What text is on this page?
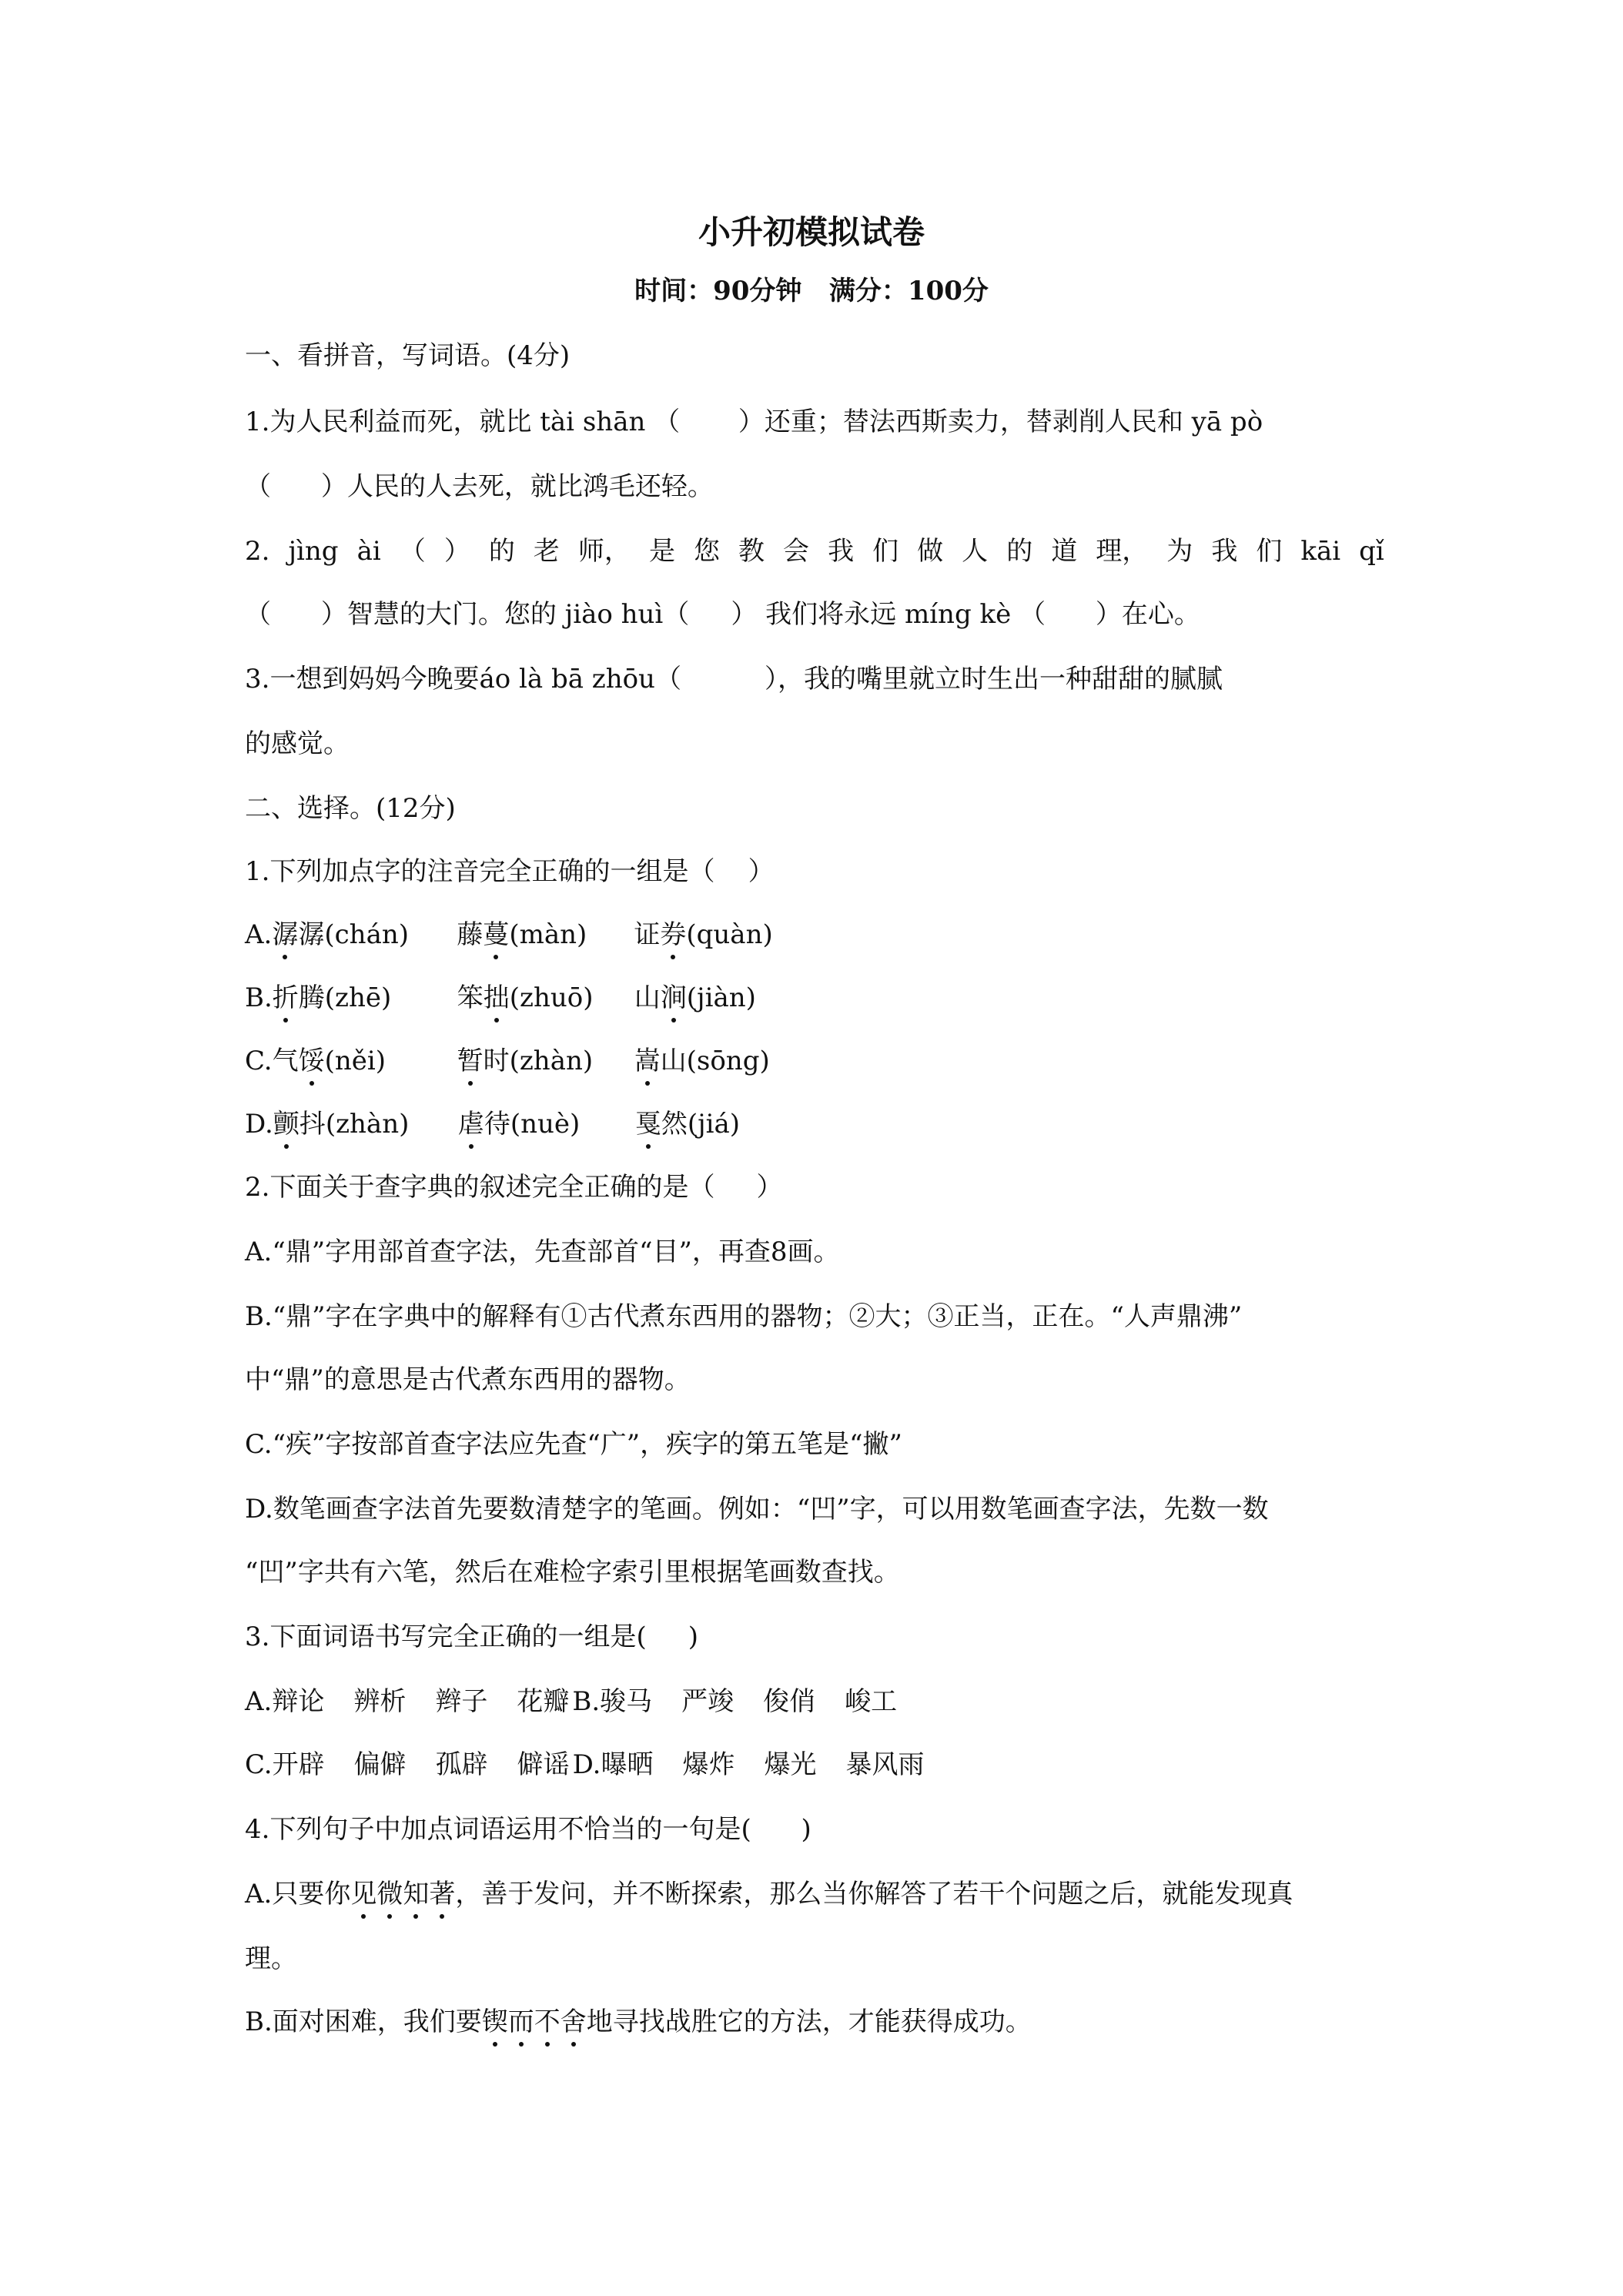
小升初模拟试卷
时间：90分钟   满分：100分
一、看拼音，写词语。(4分)
1.为人民利益而死，就比 tài shān （       ）还重；替法西斯卖力，替剥削人民和 yā pò
（      ）人民的人去死，就比鸿毛还轻。
2. jìng ài （ ） 的 老 师， 是 您 教 会 我 们 做 人 的 道 理， 为 我 们 kāi qǐ
（      ）智慧的大门。您的 jiào huì（     ） 我们将永远 míng kè （      ）在心。
3.一想到妈妈今晚要áo là bā zhōu（          ），我的嘴里就立时生出一种甜甜的腻腻
的感觉。
二、选择。(12分)
1.下列加点字的注音完全正确的一组是（    ）
A.潺潺(chán) 藤蔓(màn) 证券(quàn)
B.折腾(zhē)	笨拙(zhuō) 山涧(jiàn)
C.气馁(něi)	暂时(zhàn) 嵩山(sōng)
D.颤抖(zhàn) 虐待(nuè) 戛然(jiá)
2.下面关于查字典的叙述完全正确的是（     ）
A.“鼎”字用部首查字法，先查部首“目”，再查8画。
B.“鼎”字在字典中的解释有①古代煮东西用的器物；②大；③正当，正在。“人声鼎沸”
中“鼎”的意思是古代煮东西用的器物。
C.“疾”字按部首查字法应先查“广”，疾字的第五笔是“撇”
D.数笔画查字法首先要数清楚字的笔画。例如：“凹”字，可以用数笔画查字法，先数一数
“凹”字共有六笔，然后在难检字索引里根据笔画数查找。
3.下面词语书写完全正确的一组是(     )
A.辩论 辨析 辫子 花瓣 B.骏马 严竣 俊俏 峻工
C.开辟 偏僻 孤辟 僻谣 D.曝晒 爆炸 爆光 暴风雨
4.下列句子中加点词语运用不恰当的一句是(      )
A.只要你见微知著，善于发问，并不断探索，那么当你解答了若干个问题之后，就能发现真
理。
B.面对困难，我们要锲而不舍地寻找战胜它的方法，才能获得成功。
